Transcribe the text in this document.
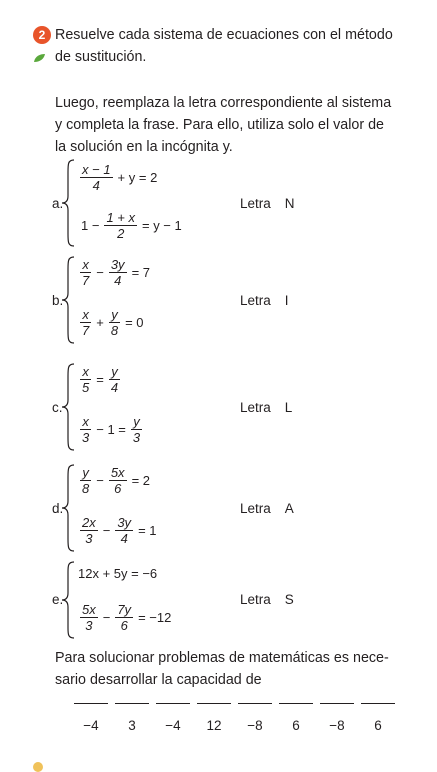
2 Resuelve cada sistema de ecuaciones con el método
de sustitución.
Luego, reemplaza la letra correspondiente al sistema
y completa la frase. Para ello, utiliza solo el valor de
la solución en la incógnita y.
a.
$\frac{x - 1}{4} + y = 2$
$1 - \frac{1 + x}{2} = y - 1$
Letra N
b.
$\frac{x}{7} - \frac{3y}{4} = 7$
$\frac{x}{7} + \frac{y}{8} = 0$
Letra I
c.
$\frac{x}{5} = \frac{y}{4}$
$\frac{x}{3} - 1 = \frac{y}{3}$
Letra L
d.
$\frac{y}{8} - \frac{5x}{6} = 2$
$\frac{2x}{3} - \frac{3y}{4} = 1$
Letra A
e.
12x + 5y = −6
$\frac{5x}{3} - \frac{7y}{6} = -12$
Letra S
Para solucionar problemas de matemáticas es nece-
sario desarrollar la capacidad de
−4	3	−4	12	−8	6	−8	6
